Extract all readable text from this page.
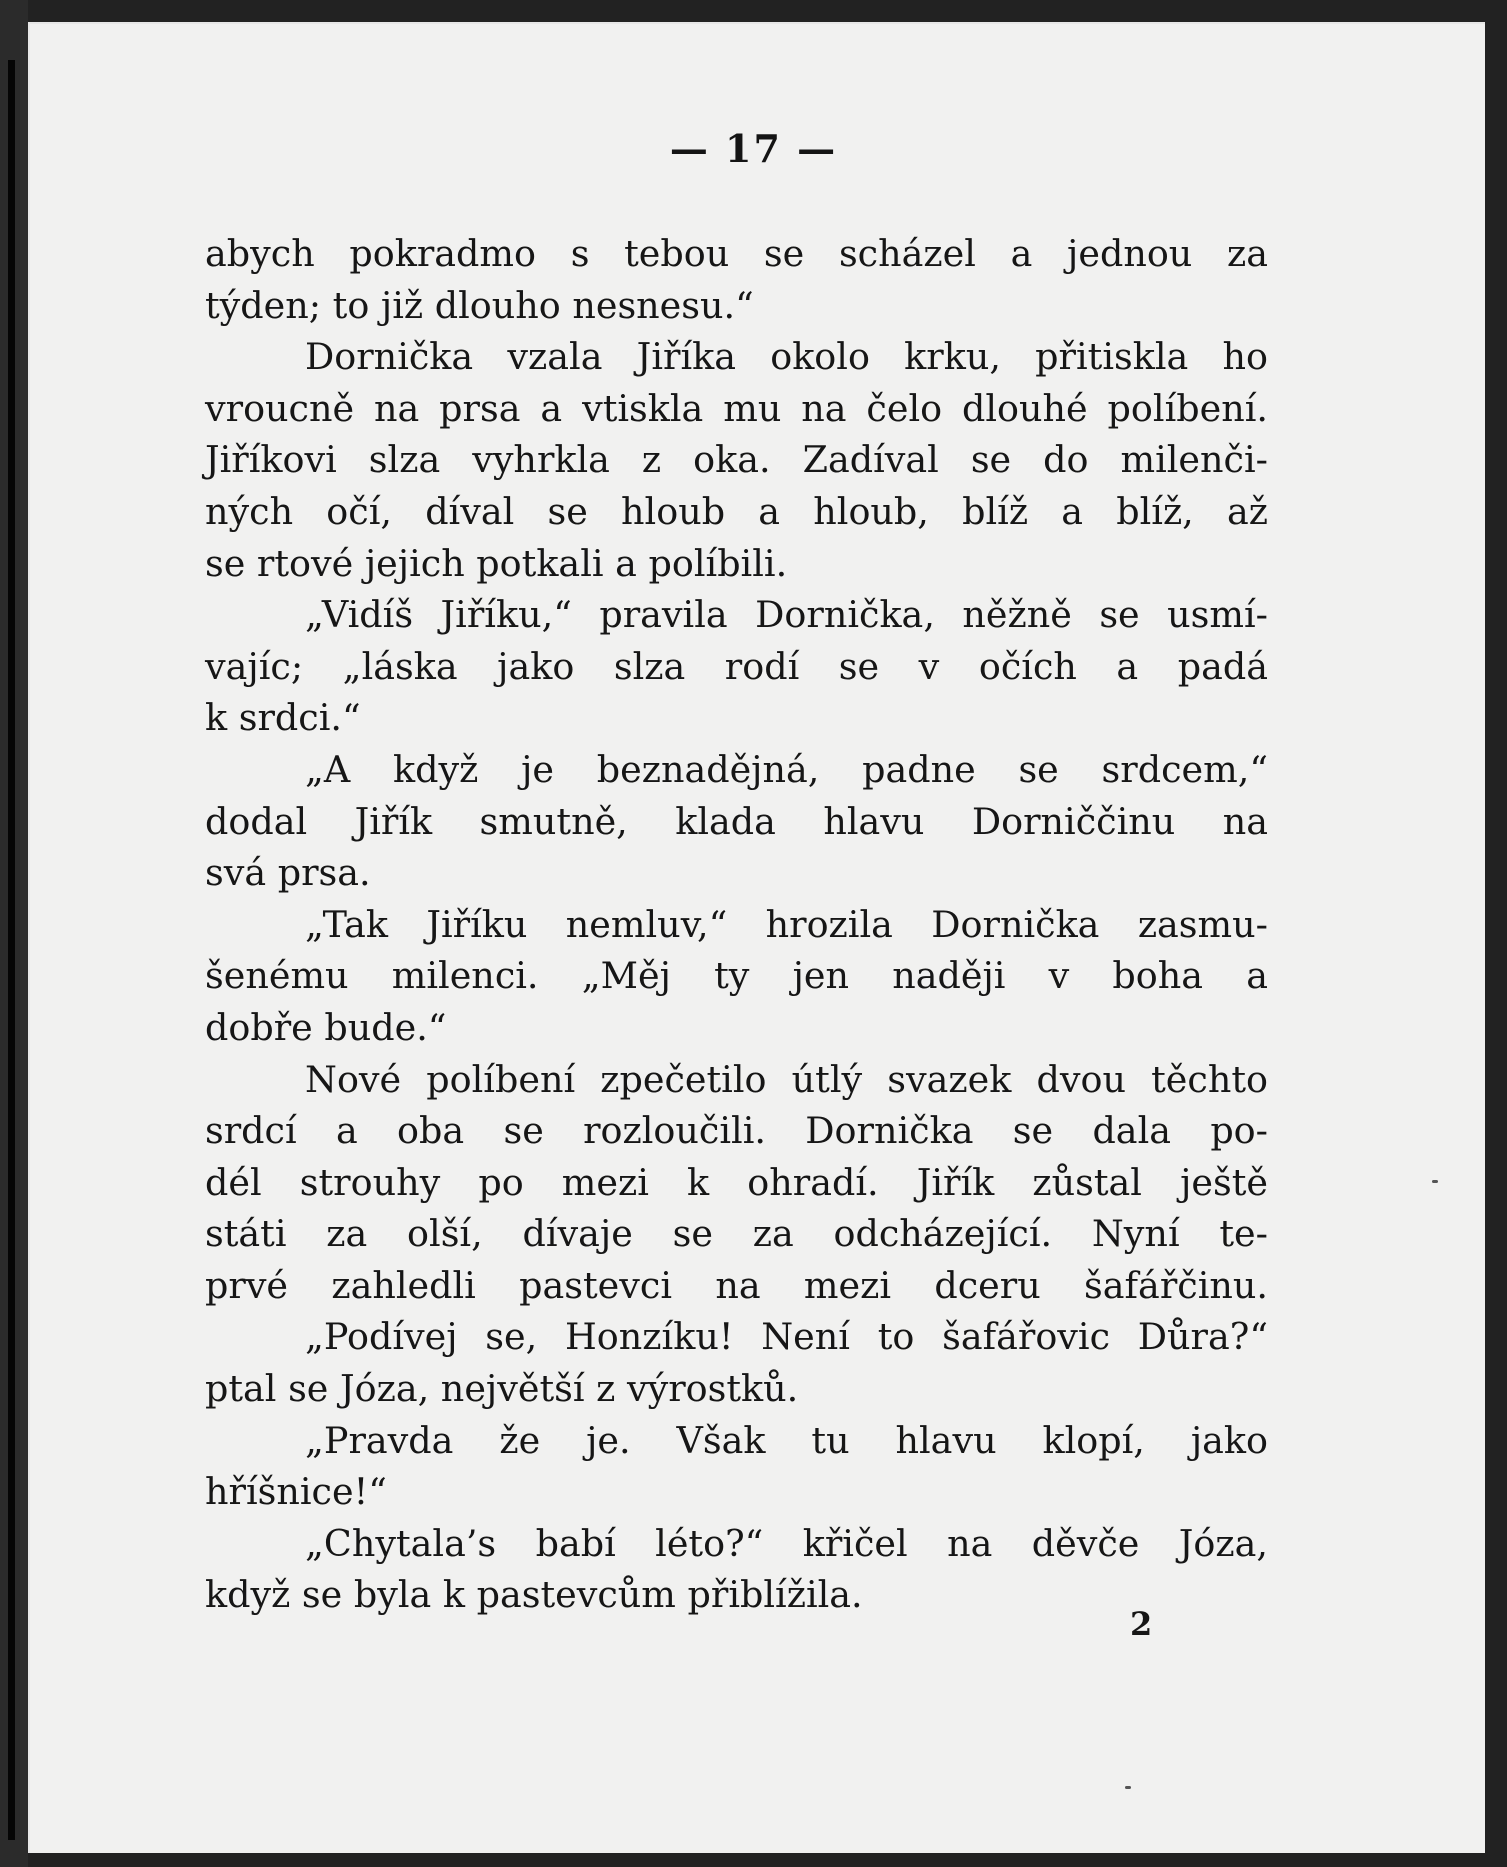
— 17 —
abych pokradmo s tebou se scházel a jednou za
týden; to již dlouho nesnesu.“
Dornička vzala Jiříka okolo krku, přitiskla ho
vroucně na prsa a vtiskla mu na čelo dlouhé políbení.
Jiříkovi slza vyhrkla z oka. Zadíval se do milenči-
ných očí, díval se hloub a hloub, blíž a blíž, až
se rtové jejich potkali a políbili.
„Vidíš Jiříku,“ pravila Dornička, něžně se usmí-
vajíc; „láska jako slza rodí se v očích a padá
k srdci.“
„A když je beznadějná, padne se srdcem,“
dodal Jiřík smutně, klada hlavu Dorniččinu na
svá prsa.
„Tak Jiříku nemluv,“ hrozila Dornička zasmu-
šenému milenci. „Měj ty jen naději v boha a
dobře bude.“
Nové políbení zpečetilo útlý svazek dvou těchto
srdcí a oba se rozloučili. Dornička se dala po-
dél strouhy po mezi k ohradí. Jiřík zůstal ještě
státi za olší, dívaje se za odcházející. Nyní te-
prvé zahledli pastevci na mezi dceru šafářčinu.
„Podívej se, Honzíku! Není to šafářovic Důra?“
ptal se Józa, největší z výrostků.
„Pravda že je. Však tu hlavu klopí, jako
hříšnice!“
„Chytala’s babí léto?“ křičel na děvče Józa,
když se byla k pastevcům přiblížila.
2
